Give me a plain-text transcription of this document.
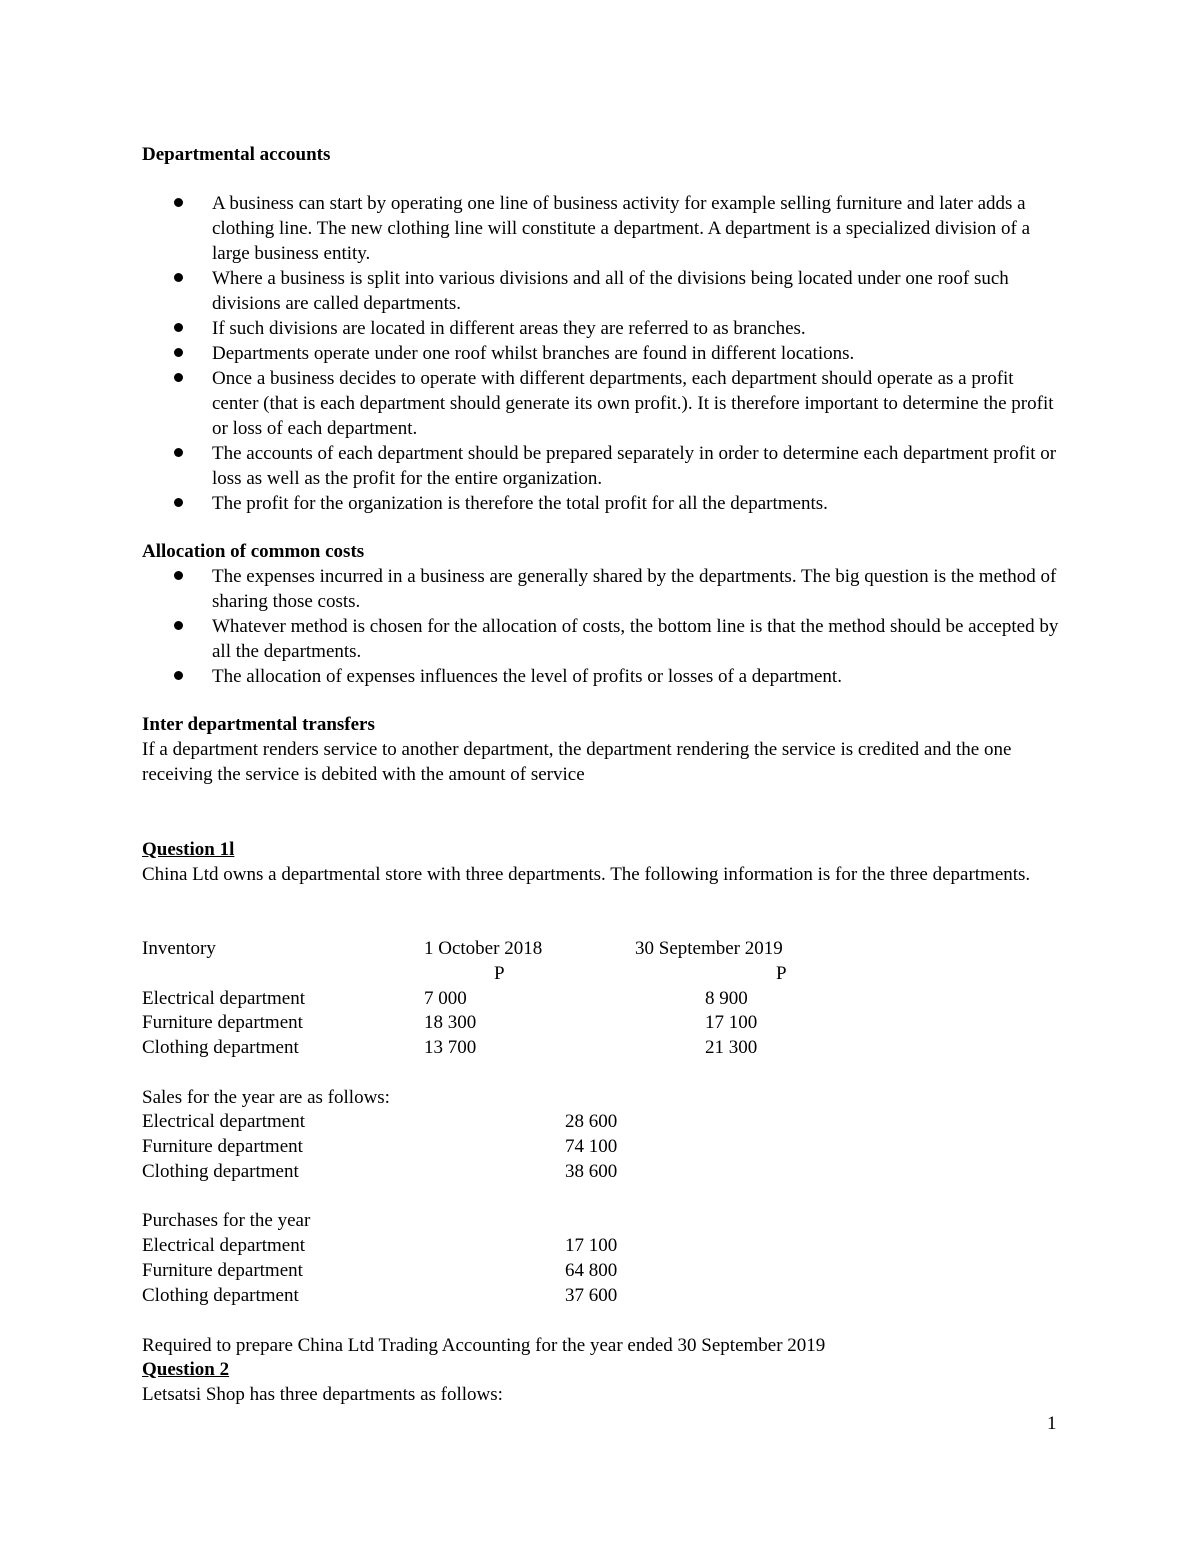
Departmental accounts
A business can start by operating one line of business activity for example selling furniture and later adds a clothing line. The new clothing line will constitute a department. A department is a specialized division of a large business entity.
Where a business is split into various divisions and all of the divisions being located under one roof such divisions are called departments.
If such divisions are located in different areas they are referred to as branches.
Departments operate under one roof whilst branches are found in different locations.
Once a business decides to operate with different departments, each department should operate as a profit center (that is each department should generate its own profit.). It is therefore important to determine the profit or loss of each department.
The accounts of each department should be prepared separately in order to determine each department profit or loss as well as the profit for the entire organization.
The profit for the organization is therefore the total profit for all the departments.
Allocation of common costs
The expenses incurred in a business are generally shared by the departments. The big question is the method of sharing those costs.
Whatever method is chosen for the allocation of costs, the bottom line is that the method should be accepted by all the departments.
The allocation of expenses influences the level of profits or losses of a department.
Inter departmental transfers
If a department renders service to another department, the department rendering the service is credited and the one receiving the service is debited with the amount of service
Question 1l
China Ltd owns a departmental store with three departments. The following information is for the three departments.
Inventory	1 October 2018	30 September 2019
P	P
Electrical department	7 000	8 900
Furniture department	18 300	17 100
Clothing department	13 700	21 300
Sales for the year are as follows:
Electrical department	28 600
Furniture department	74 100
Clothing department	38 600
Purchases for the year
Electrical department	17 100
Furniture department	64 800
Clothing department	37 600
Required to prepare China Ltd Trading Accounting for the year ended 30 September 2019
Question 2
Letsatsi Shop has three departments as follows:
1
